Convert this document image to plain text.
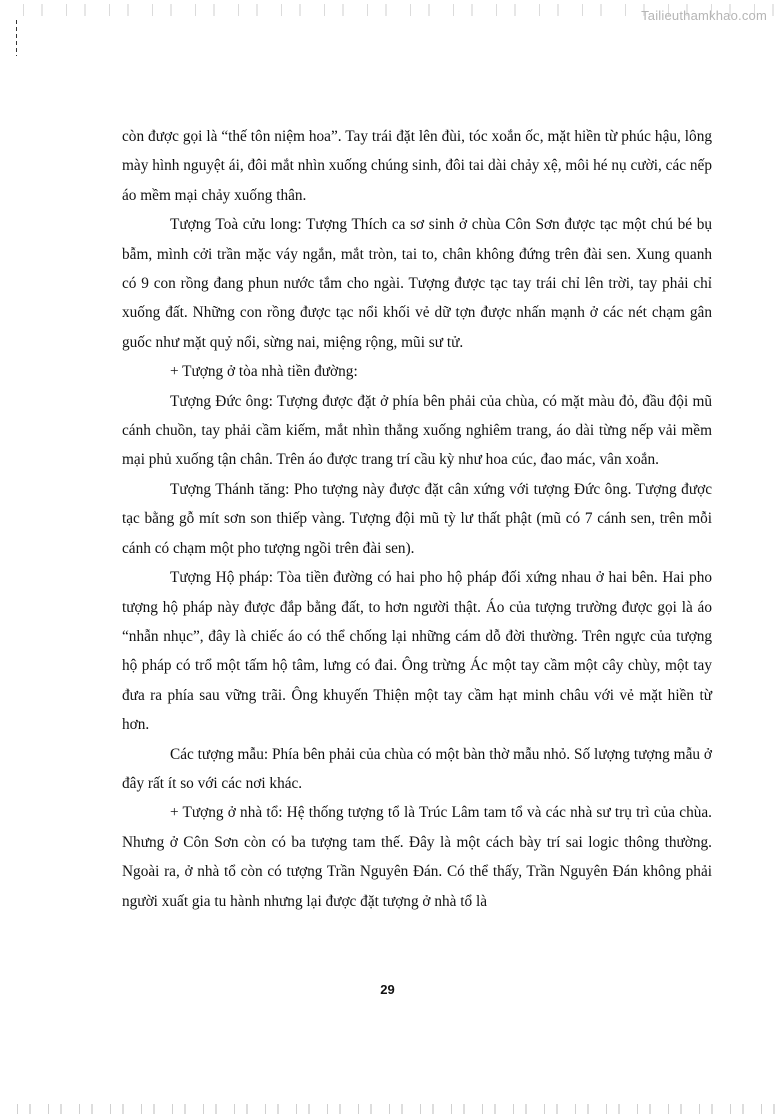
Tailieuthamkhao.com

còn được gọi là “thế tôn niệm hoa”. Tay trái đặt lên đùi, tóc xoắn ốc, mặt hiền từ phúc hậu, lông mày hình nguyệt ái, đôi mắt nhìn xuống chúng sinh, đôi tai dài chảy xệ, môi hé nụ cười, các nếp áo mềm mại chảy xuống thân.

Tượng Toà cửu long: Tượng Thích ca sơ sinh ở chùa Côn Sơn được tạc một chú bé bụ bẫm, mình cởi trần mặc váy ngắn, mắt tròn, tai to, chân không đứng trên đài sen. Xung quanh có 9 con rồng đang phun nước tắm cho ngài. Tượng được tạc tay trái chỉ lên trời, tay phải chỉ xuống đất. Những con rồng được tạc nổi khối vẻ dữ tợn được nhấn mạnh ở các nét chạm gân guốc như mặt quỷ nổi, sừng nai, miệng rộng, mũi sư tử.

+ Tượng ở tòa nhà tiền đường:

Tượng Đức ông: Tượng được đặt ở phía bên phải của chùa, có mặt màu đỏ, đầu đội mũ cánh chuồn, tay phải cầm kiếm, mắt nhìn thẳng xuống nghiêm trang, áo dài từng nếp vải mềm mại phủ xuống tận chân. Trên áo được trang trí cầu kỳ như hoa cúc, đao mác, vân xoắn.

Tượng Thánh tăng: Pho tượng này được đặt cân xứng với tượng Đức ông. Tượng được tạc bằng gỗ mít sơn son thiếp vàng. Tượng đội mũ tỳ lư thất phật (mũ có 7 cánh sen, trên mỗi cánh có chạm một pho tượng ngồi trên đài sen).

Tượng Hộ pháp: Tòa tiền đường có hai pho hộ pháp đối xứng nhau ở hai bên. Hai pho tượng hộ pháp này được đắp bằng đất, to hơn người thật. Áo của tượng trường được gọi là áo “nhẫn nhục”, đây là chiếc áo có thể chống lại những cám dỗ đời thường. Trên ngực của tượng hộ pháp có trổ một tấm hộ tâm, lưng có đai. Ông trừng Ác một tay cầm một cây chùy, một tay đưa ra phía sau vững trãi. Ông khuyến Thiện một tay cầm hạt minh châu với vẻ mặt hiền từ hơn.

Các tượng mẫu: Phía bên phải của chùa có một bàn thờ mẫu nhỏ. Số lượng tượng mẫu ở đây rất ít so với các nơi khác.

+ Tượng ở nhà tổ: Hệ thống tượng tổ là Trúc Lâm tam tổ và các nhà sư trụ trì của chùa. Nhưng ở Côn Sơn còn có ba tượng tam thế. Đây là một cách bày trí sai logic thông thường. Ngoài ra, ở nhà tổ còn có tượng Trần Nguyên Đán. Có thể thấy, Trần Nguyên Đán không phải người xuất gia tu hành nhưng lại được đặt tượng ở nhà tổ là

29
